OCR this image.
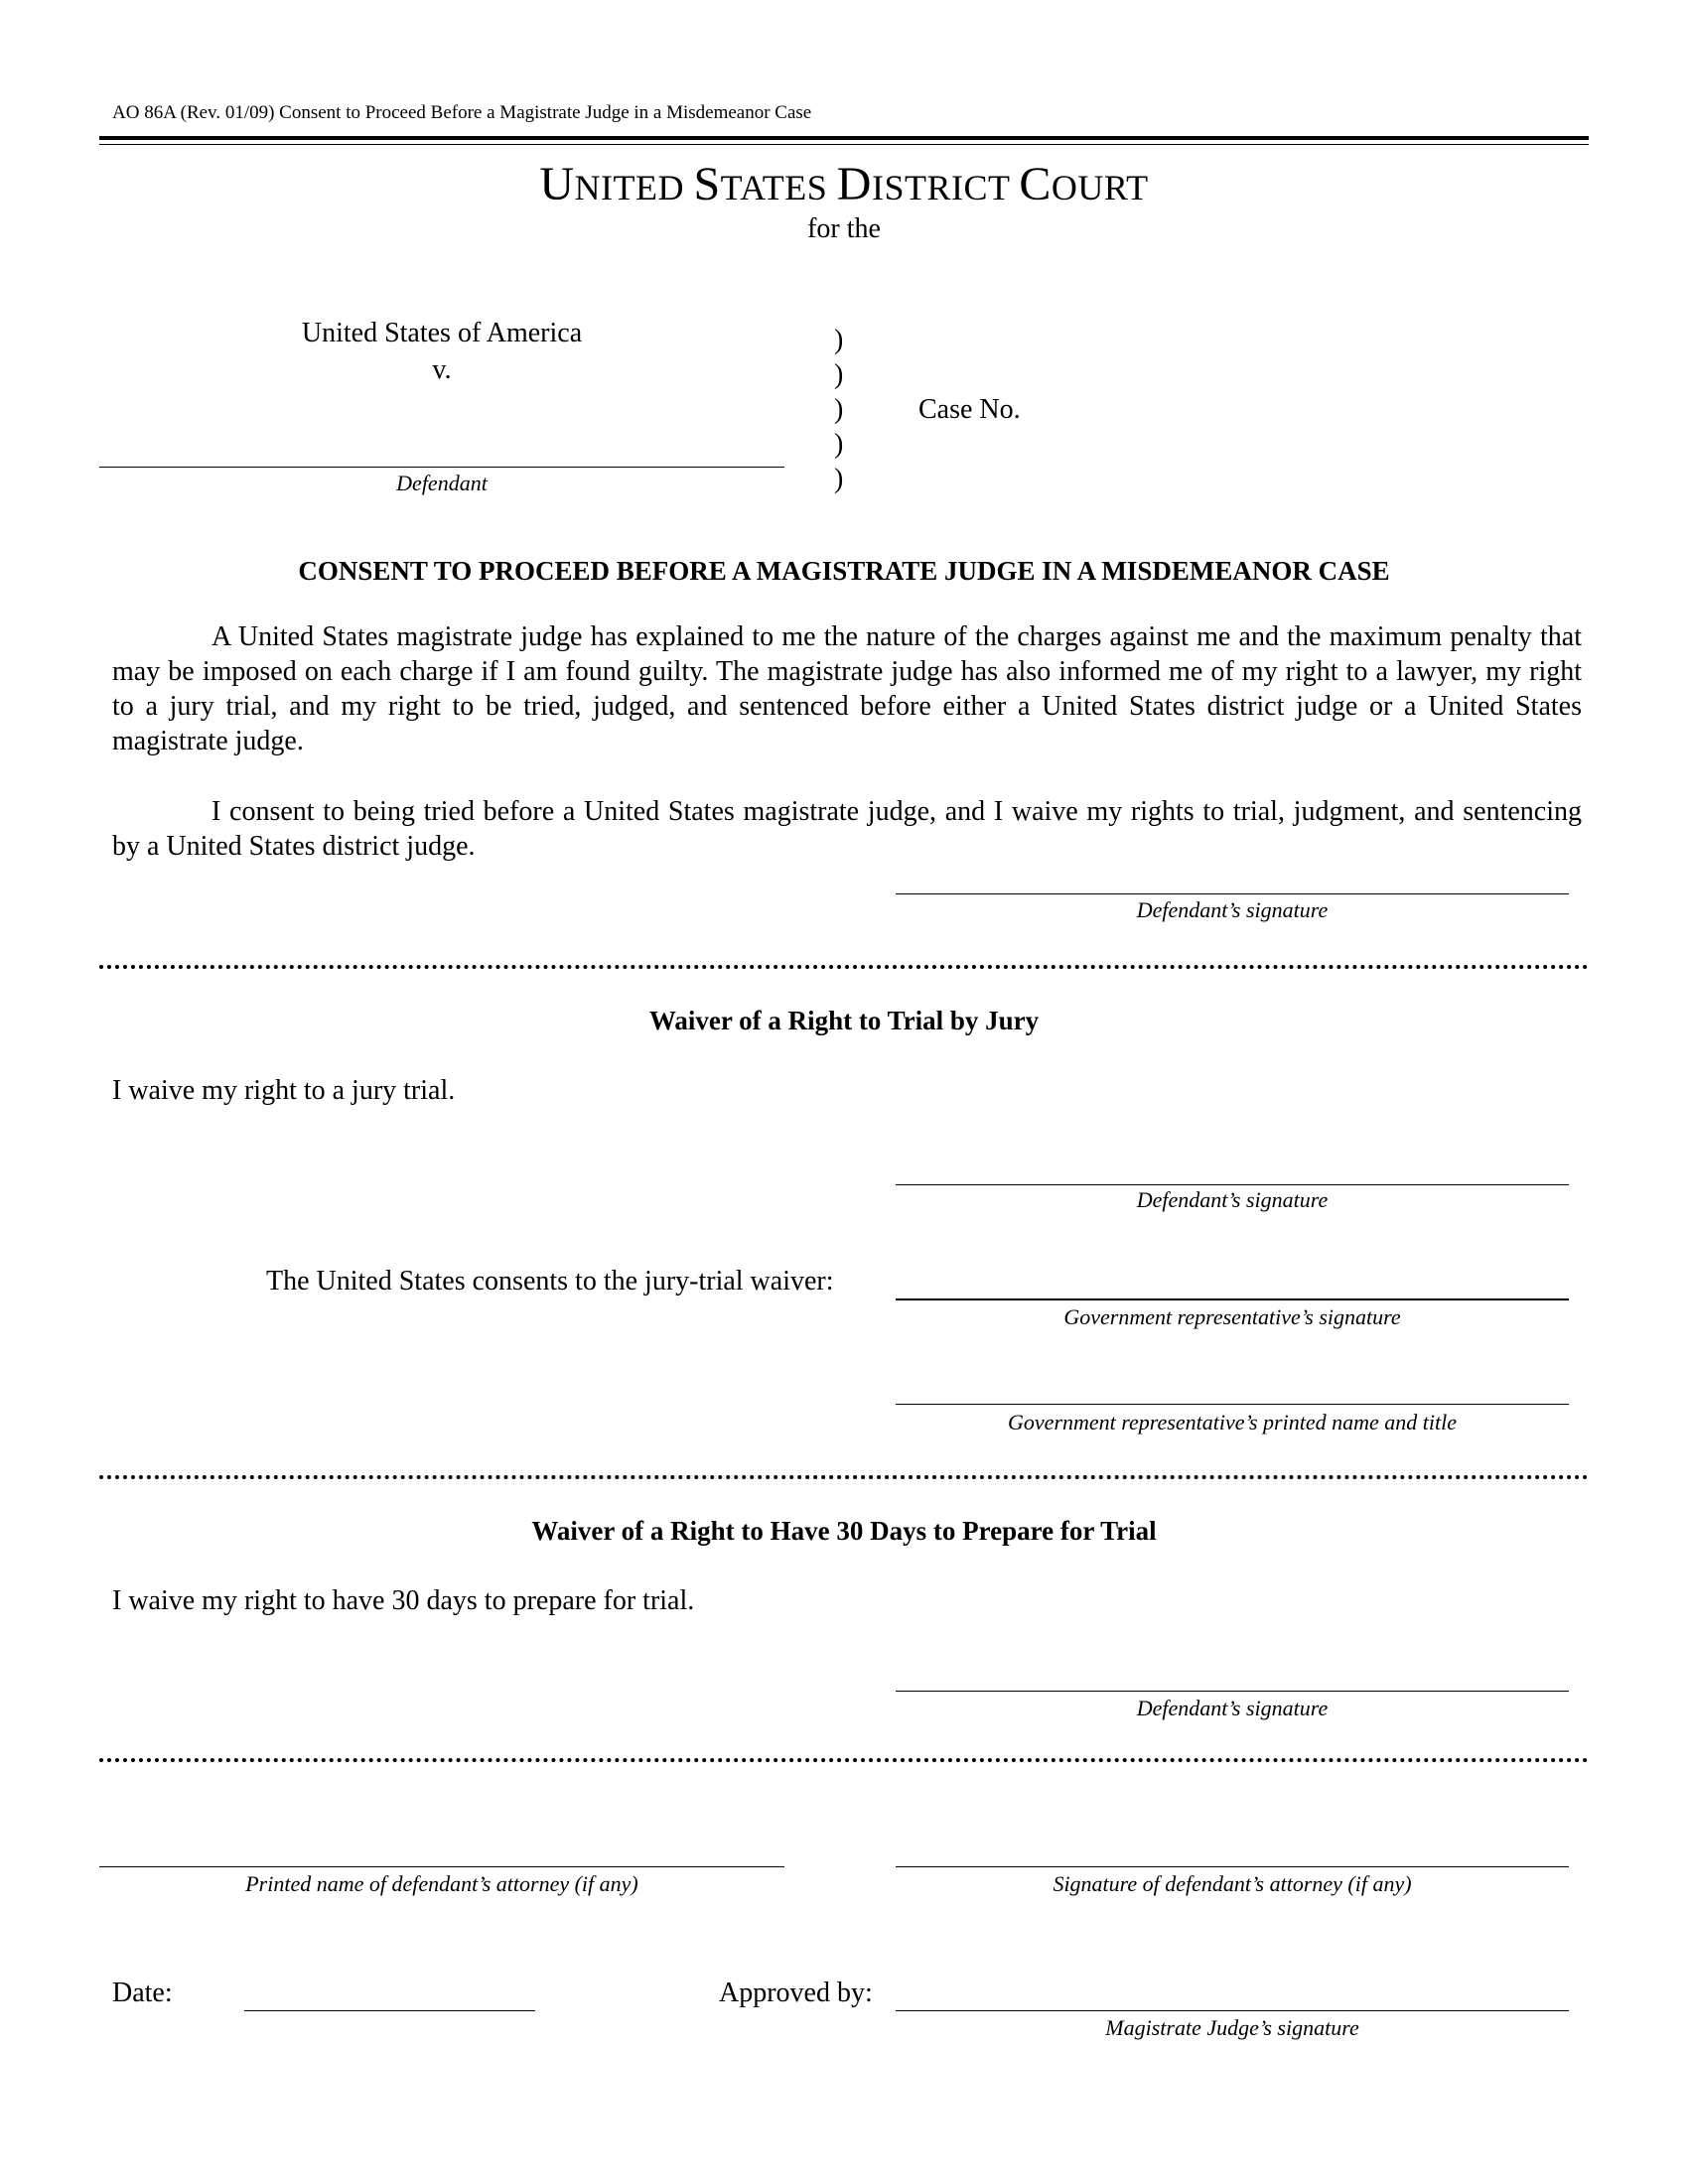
AO 86A (Rev. 01/09) Consent to Proceed Before a Magistrate Judge in a Misdemeanor Case
UNITED STATES DISTRICT COURT
for the
United States of America
v.
Defendant
)
)
)
)
)
Case No.
CONSENT TO PROCEED BEFORE A MAGISTRATE JUDGE IN A MISDEMEANOR CASE
A United States magistrate judge has explained to me the nature of the charges against me and the maximum penalty that may be imposed on each charge if I am found guilty. The magistrate judge has also informed me of my right to a lawyer, my right to a jury trial, and my right to be tried, judged, and sentenced before either a United States district judge or a United States magistrate judge.
I consent to being tried before a United States magistrate judge, and I waive my rights to trial, judgment, and sentencing by a United States district judge.
Defendant’s signature
Waiver of a Right to Trial by Jury
I waive my right to a jury trial.
Defendant’s signature
The United States consents to the jury-trial waiver:
Government representative’s signature
Government representative’s printed name and title
Waiver of a Right to Have 30 Days to Prepare for Trial
I waive my right to have 30 days to prepare for trial.
Defendant’s signature
Printed name of defendant’s attorney (if any)	Signature of defendant’s attorney (if any)
Date:	Approved by:
Magistrate Judge’s signature
